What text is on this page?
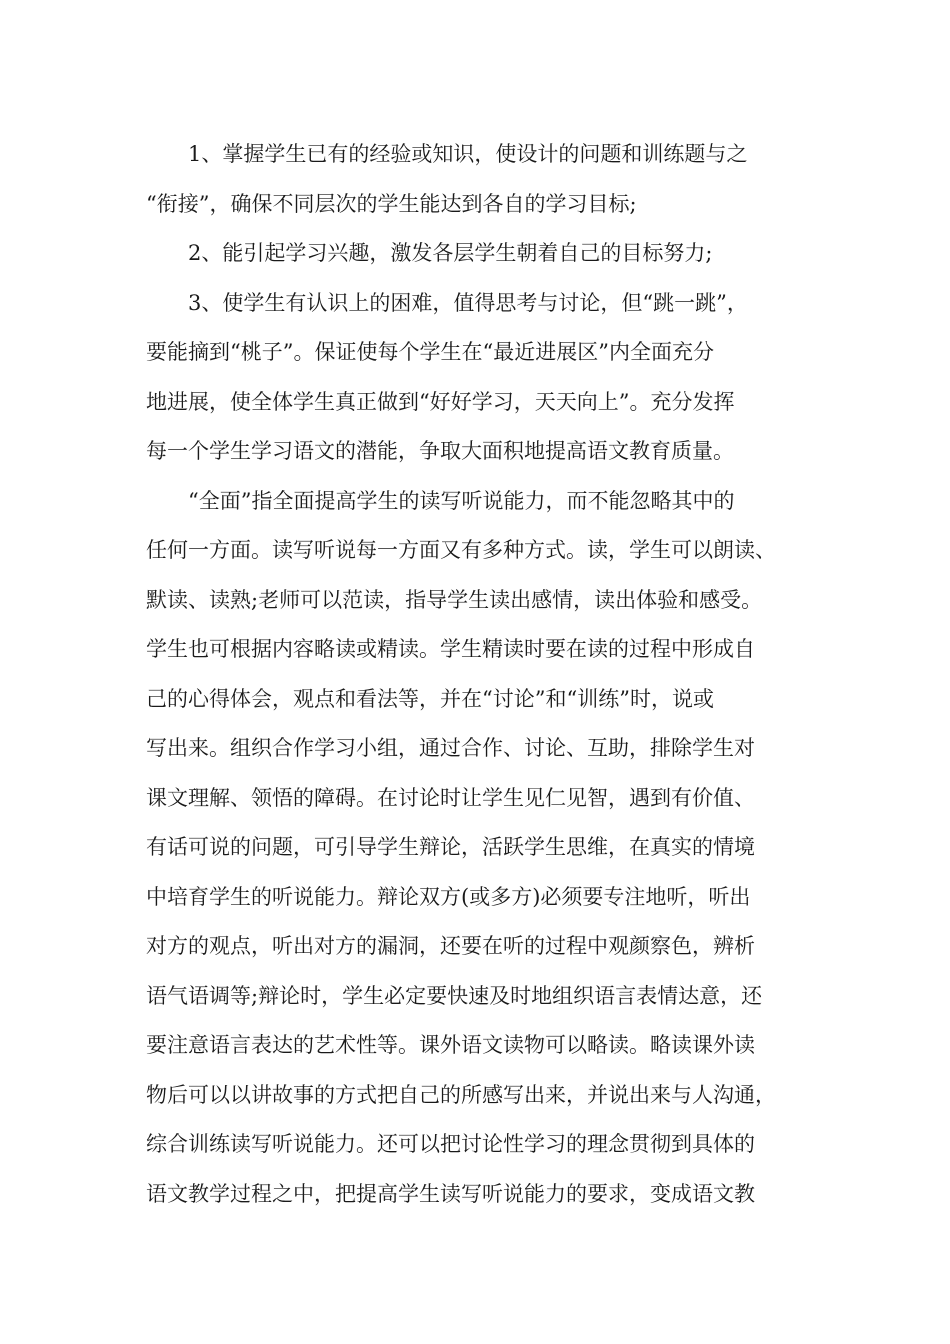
1、掌握学生已有的经验或知识，使设计的问题和训练题与之
“衔接”，确保不同层次的学生能达到各自的学习目标;
2、能引起学习兴趣，激发各层学生朝着自己的目标努力;
3、使学生有认识上的困难，值得思考与讨论，但“跳一跳”，
要能摘到“桃子”。保证使每个学生在“最近进展区”内全面充分
地进展，使全体学生真正做到“好好学习，天天向上”。充分发挥
每一个学生学习语文的潜能，争取大面积地提高语文教育质量。
“全面”指全面提高学生的读写听说能力，而不能忽略其中的
任何一方面。读写听说每一方面又有多种方式。读，学生可以朗读、
默读、读熟;老师可以范读，指导学生读出感情，读出体验和感受。
学生也可根据内容略读或精读。学生精读时要在读的过程中形成自
己的心得体会，观点和看法等，并在“讨论”和“训练”时，说或
写出来。组织合作学习小组，通过合作、讨论、互助，排除学生对
课文理解、领悟的障碍。在讨论时让学生见仁见智，遇到有价值、
有话可说的问题，可引导学生辩论，活跃学生思维，在真实的情境
中培育学生的听说能力。辩论双方(或多方)必须要专注地听，听出
对方的观点，听出对方的漏洞，还要在听的过程中观颜察色，辨析
语气语调等;辩论时，学生必定要快速及时地组织语言表情达意，还
要注意语言表达的艺术性等。课外语文读物可以略读。略读课外读
物后可以以讲故事的方式把自己的所感写出来，并说出来与人沟通，
综合训练读写听说能力。还可以把讨论性学习的理念贯彻到具体的
语文教学过程之中，把提高学生读写听说能力的要求，变成语文教
